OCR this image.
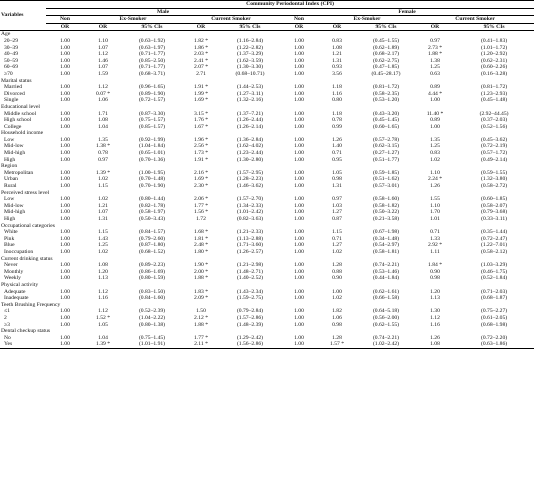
Variables	Community Periodontal Index (CPI)									
	Male					Female				
	Non	Ex-Smoker		Current Smoker		Non	Ex-Smoker		Current Smoker	
	OR	OR	95% CIs	OR	95% CIs	OR	OR	95% CIs	OR	95% CIs
Age										
20–29	1.00	1.10	(0.63–1.92)	1.82 *	(1.16–2.84)	1.00	0.83	(0.45–1.55)	0.97	(0.41–1.83)
30–39	1.00	1.07	(0.63–1.97)	1.86 *	(1.22–2.82)	1.00	1.08	(0.62–1.89)	2.73 *	(1.01–1.72)
40–49	1.00	1.12	(0.71–1.77)	2.03 *	(1.37–3.29)	1.00	1.21	(0.68–2.17)	1.88 *	(1.20–2.92)
50–59	1.00	1.46	(0.85–2.50)	2.41 *	(1.62–3.59)	1.00	1.31	(0.62–2.75)	1.38	(0.62–2.31)
60–69	1.00	1.07	(0.71–1.77)	2.07 *	(1.30–3.30)	1.00	0.93	(0.47–1.85)	1.25	(0.60–2.26)
≥70	1.00	1.59	(0.68–3.71)	2.71	(0.68–10.71)	1.00	3.56	(0.45–28.17)	0.63	(0.16–3.28)
Marital status										
Married	1.00	1.12	(0.96–1.65)	1.91 *	(1.44–2.53)	1.00	1.18	(0.81–1.72)	0.89	(0.81–1.72)
Divorced	1.00	0.07 *	(0.89–1.90)	1.99 *	(1.27–3.11)	1.00	1.16	(0.58–2.35)	4.44 *	(1.23–2.93)
Single	1.00	1.06	(0.72–1.57)	1.69 *	(1.32–2.16)	1.00	0.80	(0.53–1.20)	1.00	(0.45–1.48)
Educational level										
Middle school	1.00	1.71	(0.87–3.30)	3.15 *	(1.37–7.21)	1.00	1.18	(0.43–3.20)	11.40 *	(2.92–44.45)
High school	1.00	1.08	(0.75–1.57)	1.76 *	(1.26–2.44)	1.00	0.78	(0.45–1.45)	0.89	(0.37–2.03)
College	1.00	1.04	(0.85–1.57)	1.67 *	(1.26–2.14)	1.00	0.99	(0.60–1.65)	1.00	(0.52–1.56)
Household income										
Low	1.00	1.35	(0.92–1.99)	1.96 *	(1.36–2.84)	1.00	1.26	(0.57–2.78)	1.35	(0.45–3.62)
Mid-low	1.00	1.38 *	(1.04–1.84)	2.56 *	(1.62–4.02)	1.00	1.40	(0.62–3.15)	1.25	(0.72–2.19)
Mid-high	1.00	0.78	(0.65–1.01)	1.73 *	(1.23–2.44)	1.00	0.71	(0.27–1.27)	0.83	(0.57–1.72)
High	1.00	0.97	(0.70–1.36)	1.91 *	(1.30–2.80)	1.00	0.95	(0.51–1.77)	1.02	(0.49–2.14)
Region										
Metropolitan	1.00	1.39 *	(1.00–1.95)	2.16 *	(1.57–2.95)	1.00	1.05	(0.59–1.85)	1.10	(0.59–1.55)
Urban	1.00	1.02	(0.70–1.48)	1.69 *	(1.28–2.23)	1.00	0.98	(0.51–1.62)	2.24 *	(1.32–3.80)
Rural	1.00	1.15	(0.70–1.90)	2.30 *	(1.46–3.62)	1.00	1.31	(0.57–3.01)	1.26	(0.58–2.72)
Perceived stress level										
Low	1.00	1.02	(0.80–1.44)	2.06 *	(1.57–2.70)	1.00	0.97	(0.58–1.60)	1.55	(0.60–1.85)
Mid-low	1.00	1.21	(0.82–1.78)	1.77 *	(1.34–2.33)	1.00	1.03	(0.58–1.82)	1.10	(0.58–2.07)
Mid-high	1.00	1.07	(0.58–1.97)	1.56 *	(1.01–2.42)	1.00	1.27	(0.50–3.22)	1.70	(0.79–3.68)
High	1.00	1.31	(0.50–3.43)	1.72	(0.82–3.63)	1.00	0.87	(0.21–3.58)	1.01	(0.33–3.11)
Occupational categories										
White	1.00	1.15	(0.84–1.57)	1.68 *	(1.21–2.33)	1.00	1.15	(0.67–1.98)	0.71	(0.35–1.44)
Pink	1.00	1.43	(0.79–2.60)	1.81 *	(1.13–2.88)	1.00	0.71	(0.34–1.48)	1.33	(0.72–2.47)
Blue	1.00	1.25	(0.87–1.80)	2.48 *	(1.71–3.60)	1.00	1.27	(0.54–2.97)	2.92 *	(1.22–7.01)
Inoccupation	1.00	1.02	(0.68–1.52)	1.80 *	(1.26–2.57)	1.00	1.02	(0.58–1.81)	1.11	(0.58–2.12)
Current drinking status										
Never	1.00	1.08	(0.89–2.23)	1.90 *	(1.21–2.98)	1.00	1.28	(0.74–2.21)	1.84 *	(1.03–3.29)
Monthly	1.00	1.20	(0.86–1.69)	2.00 *	(1.48–2.71)	1.00	0.88	(0.53–1.46)	0.90	(0.46–1.75)
Weekly	1.00	1.13	(0.80–1.59)	1.88 *	(1.40–2.52)	1.00	0.90	(0.44–1.84)	0.98	(0.52–1.84)
Physical activity										
Adequate	1.00	1.12	(0.83–1.50)	1.83 *	(1.43–2.34)	1.00	1.00	(0.62–1.61)	1.20	(0.71–2.03)
Inadequate	1.00	1.16	(0.84–1.60)	2.09 *	(1.59–2.75)	1.00	1.02	(0.66–1.58)	1.13	(0.68–1.87)
Teeth Brushing Frequency										
≤1	1.00	1.12	(0.52–2.39)	1.50	(0.79–2.84)	1.00	1.82	(0.64–5.18)	1.30	(0.75–2.27)
2	1.00	1.52 *	(1.04–2.22)	2.12 *	(1.57–2.86)	1.00	1.06	(0.56–2.00)	1.12	(0.61–2.05)
≥3	1.00	1.05	(0.80–1.38)	1.88 *	(1.48–2.39)	1.00	0.98	(0.62–1.55)	1.16	(0.68–1.98)
Dental checkup status										
No	1.00	1.04	(0.75–1.45)	1.77 *	(1.29–2.42)	1.00	1.28	(0.74–2.21)	1.26	(0.72–2.20)
Yes	1.00	1.39 *	(1.01–1.91)	2.11 *	(1.56–2.86)	1.00	1.57 *	(1.02–2.42)	1.08	(0.63–1.86)
